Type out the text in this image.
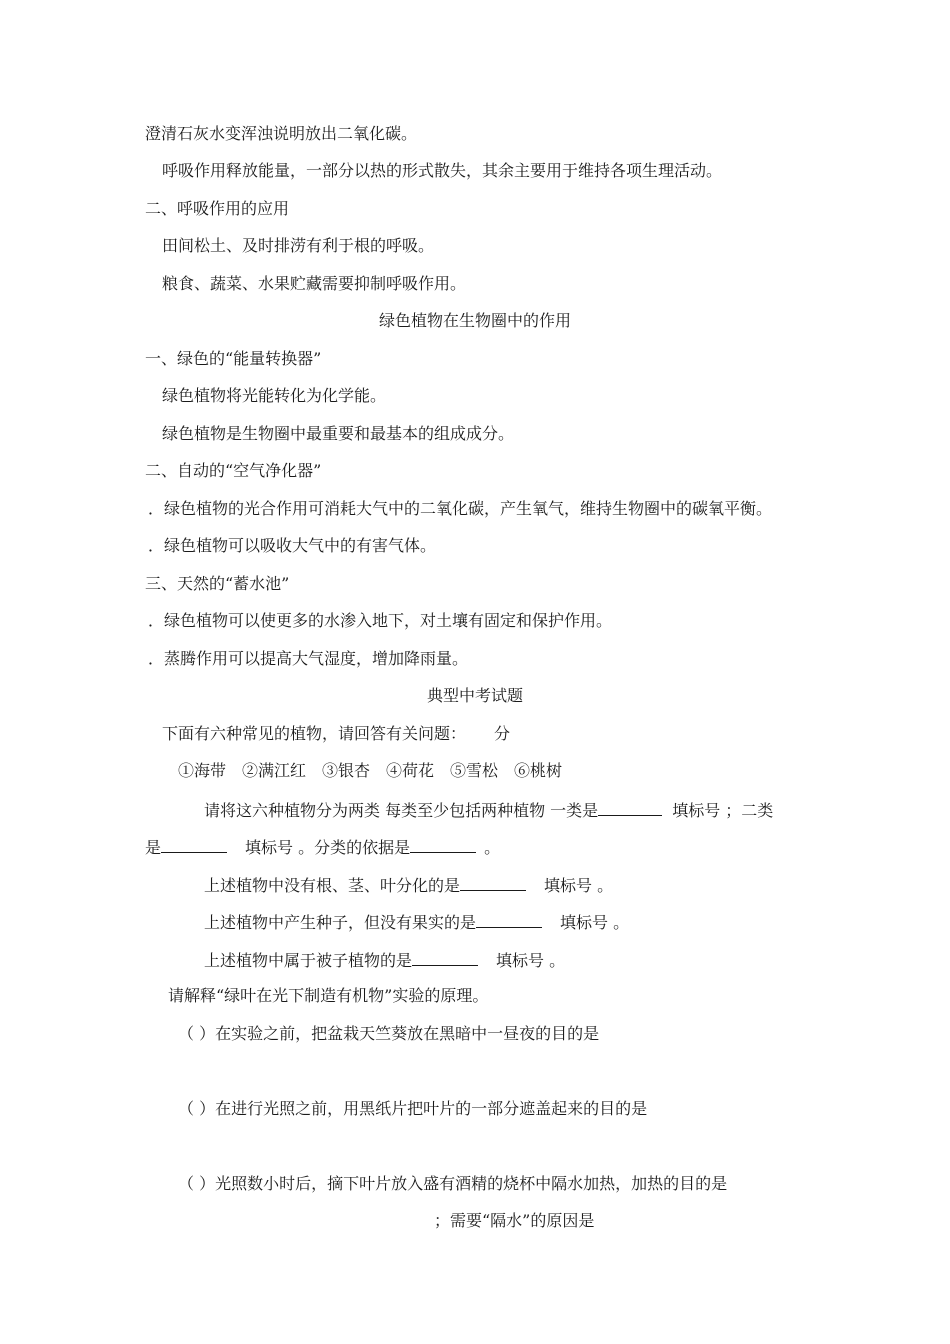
澄清石灰水变浑浊说明放出二氧化碳。
呼吸作用释放能量，一部分以热的形式散失，其余主要用于维持各项生理活动。
二、呼吸作用的应用
田间松土、及时排涝有利于根的呼吸。
粮食、蔬菜、水果贮藏需要抑制呼吸作用。
绿色植物在生物圈中的作用
一、绿色的“能量转换器”
绿色植物将光能转化为化学能。
绿色植物是生物圈中最重要和最基本的组成成分。
二、自动的“空气净化器”
．绿色植物的光合作用可消耗大气中的二氧化碳，产生氧气，维持生物圈中的碳氧平衡。
．绿色植物可以吸收大气中的有害气体。
三、天然的“蓄水池”
．绿色植物可以使更多的水渗入地下，对土壤有固定和保护作用。
．蒸腾作用可以提高大气湿度，增加降雨量。
典型中考试题
下面有六种常见的植物，请回答有关问题： 分
①海带　②满江红　③银杏　④荷花　⑤雪松　⑥桃树
请将这六种植物分为两类 每类至少包括两种植物 一类是	填标号 ；二类
是	填标号 。分类的依据是	。
上述植物中没有根、茎、叶分化的是	填标号 。
上述植物中产生种子，但没有果实的是	填标号 。
上述植物中属于被子植物的是	填标号 。
请解释“绿叶在光下制造有机物”实验的原理。
（ ）在实验之前，把盆栽天竺葵放在黑暗中一昼夜的目的是
（ ）在进行光照之前，用黑纸片把叶片的一部分遮盖起来的目的是
（ ）光照数小时后，摘下叶片放入盛有酒精的烧杯中隔水加热，加热的目的是
；需要“隔水”的原因是
